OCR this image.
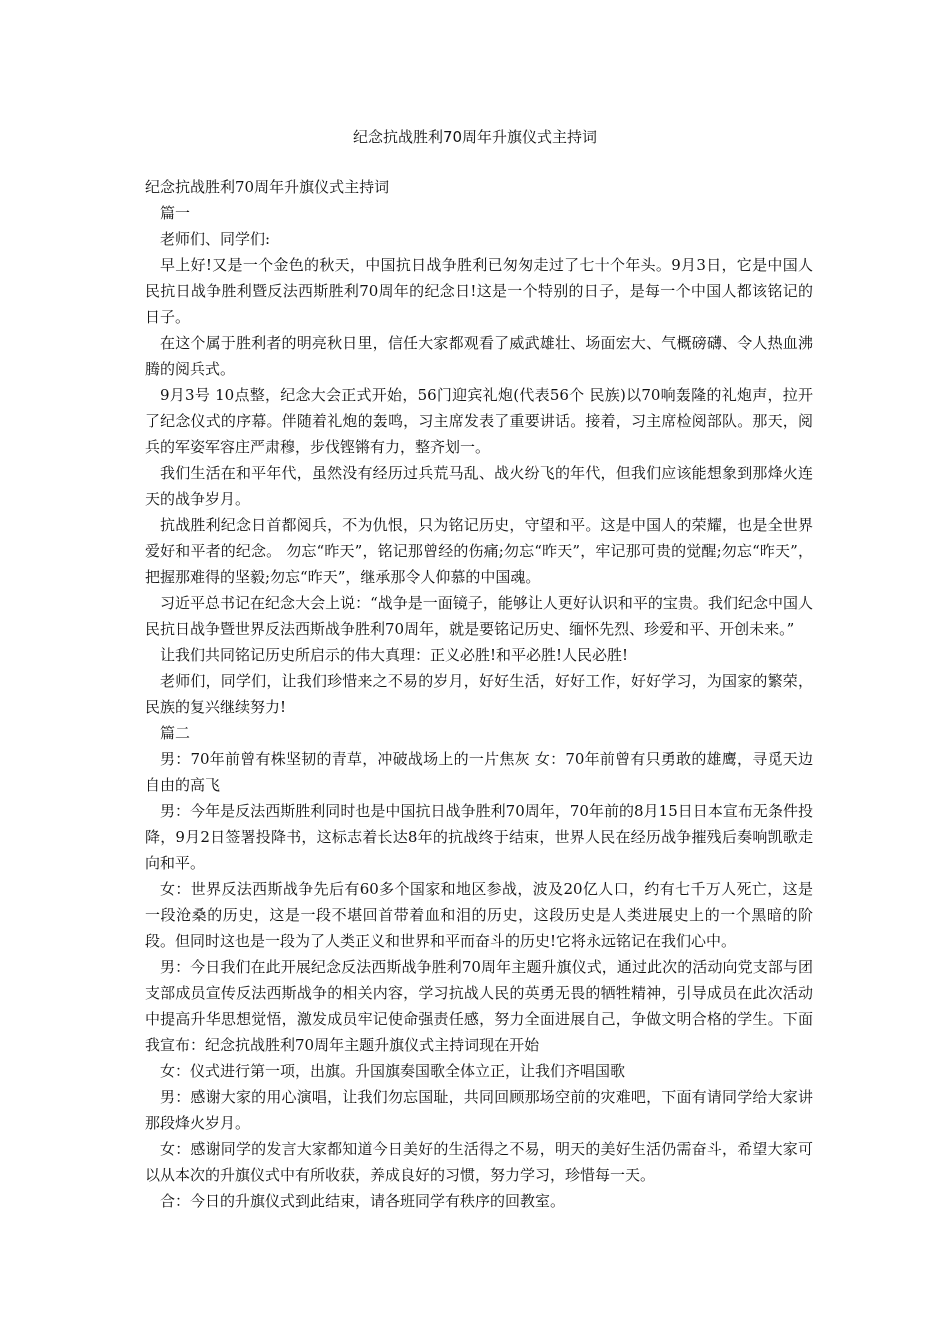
纪念抗战胜利70周年升旗仪式主持词

纪念抗战胜利70周年升旗仪式主持词

篇一

老师们、同学们:

早上好!又是一个金色的秋天，中国抗日战争胜利已匆匆走过了七十个年头。9月3日，它是中国人民抗日战争胜利暨反法西斯胜利70周年的纪念日!这是一个特别的日子，是每一个中国人都该铭记的日子。

在这个属于胜利者的明亮秋日里，信任大家都观看了威武雄壮、场面宏大、气概磅礴、令人热血沸腾的阅兵式。

9月3号 10点整，纪念大会正式开始，56门迎宾礼炮(代表56个 民族)以70响轰隆的礼炮声，拉开了纪念仪式的序幕。伴随着礼炮的轰鸣，习主席发表了重要讲话。接着，习主席检阅部队。那天，阅兵的军姿军容庄严肃穆，步伐铿锵有力，整齐划一。

我们生活在和平年代，虽然没有经历过兵荒马乱、战火纷飞的年代，但我们应该能想象到那烽火连天的战争岁月。

抗战胜利纪念日首都阅兵，不为仇恨，只为铭记历史，守望和平。这是中国人的荣耀，也是全世界爱好和平者的纪念。 勿忘“昨天”，铭记那曾经的伤痛;勿忘“昨天”，牢记那可贵的觉醒;勿忘“昨天”，把握那难得的坚毅;勿忘“昨天”，继承那令人仰慕的中国魂。

习近平总书记在纪念大会上说：“战争是一面镜子，能够让人更好认识和平的宝贵。我们纪念中国人民抗日战争暨世界反法西斯战争胜利70周年，就是要铭记历史、缅怀先烈、珍爱和平、开创未来。”

让我们共同铭记历史所启示的伟大真理：正义必胜!和平必胜!人民必胜!

老师们，同学们，让我们珍惜来之不易的岁月，好好生活，好好工作，好好学习，为国家的繁荣，民族的复兴继续努力!

篇二

男：70年前曾有株坚韧的青草，冲破战场上的一片焦灰 女：70年前曾有只勇敢的雄鹰，寻觅天边自由的高飞

男：今年是反法西斯胜利同时也是中国抗日战争胜利70周年，70年前的8月15日日本宣布无条件投降，9月2日签署投降书，这标志着长达8年的抗战终于结束，世界人民在经历战争摧残后奏响凯歌走向和平。

女：世界反法西斯战争先后有60多个国家和地区参战，波及20亿人口，约有七千万人死亡，这是一段沧桑的历史，这是一段不堪回首带着血和泪的历史，这段历史是人类进展史上的一个黑暗的阶段。但同时这也是一段为了人类正义和世界和平而奋斗的历史!它将永远铭记在我们心中。

男：今日我们在此开展纪念反法西斯战争胜利70周年主题升旗仪式，通过此次的活动向党支部与团支部成员宣传反法西斯战争的相关内容，学习抗战人民的英勇无畏的牺牲精神，引导成员在此次活动中提高升华思想觉悟，激发成员牢记使命强责任感，努力全面进展自己，争做文明合格的学生。下面我宣布：纪念抗战胜利70周年主题升旗仪式主持词现在开始

女：仪式进行第一项，出旗。升国旗奏国歌全体立正，让我们齐唱国歌

男：感谢大家的用心演唱，让我们勿忘国耻，共同回顾那场空前的灾难吧，下面有请同学给大家讲那段烽火岁月。

女：感谢同学的发言大家都知道今日美好的生活得之不易，明天的美好生活仍需奋斗，希望大家可以从本次的升旗仪式中有所收获，养成良好的习惯，努力学习，珍惜每一天。

合：今日的升旗仪式到此结束，请各班同学有秩序的回教室。
